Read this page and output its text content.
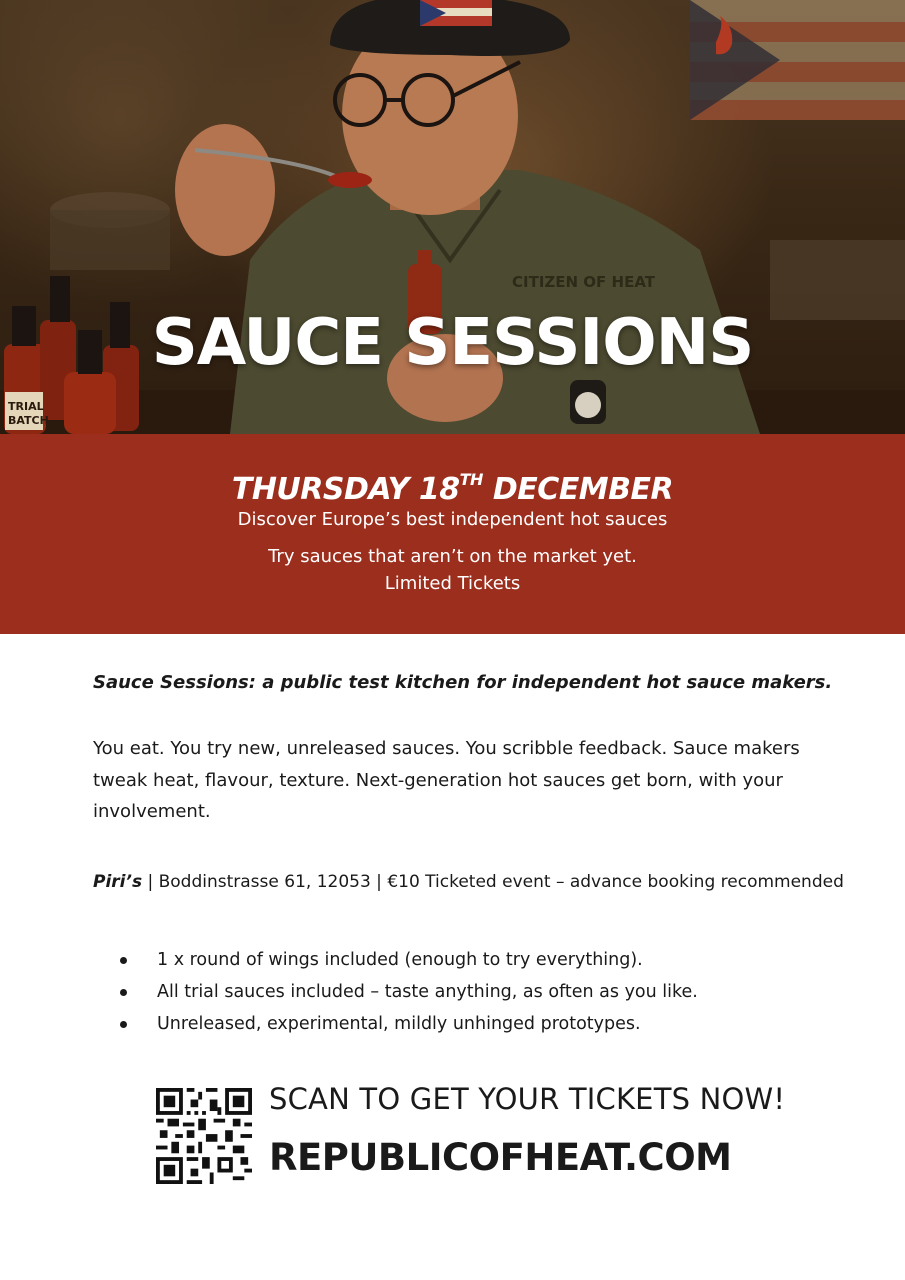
CITIZEN OF HEAT
TRIAL
BATCH
SAUCE SESSIONS
THURSDAY 18TH DECEMBER
Discover Europe’s best independent hot sauces
Try sauces that aren’t on the market yet.
Limited Tickets
Sauce Sessions: a public test kitchen for independent hot sauce makers.
You eat. You try new, unreleased sauces. You scribble feedback. Sauce makers
tweak heat, flavour, texture. Next-generation hot sauces get born, with your
involvement.
Piri’s | Boddinstrasse 61, 12053 | €10 Ticketed event – advance booking recommended
1 x round of wings included (enough to try everything).
All trial sauces included – taste anything, as often as you like.
Unreleased, experimental, mildly unhinged prototypes.
SCAN TO GET YOUR TICKETS NOW!
REPUBLICOFHEAT.COM
